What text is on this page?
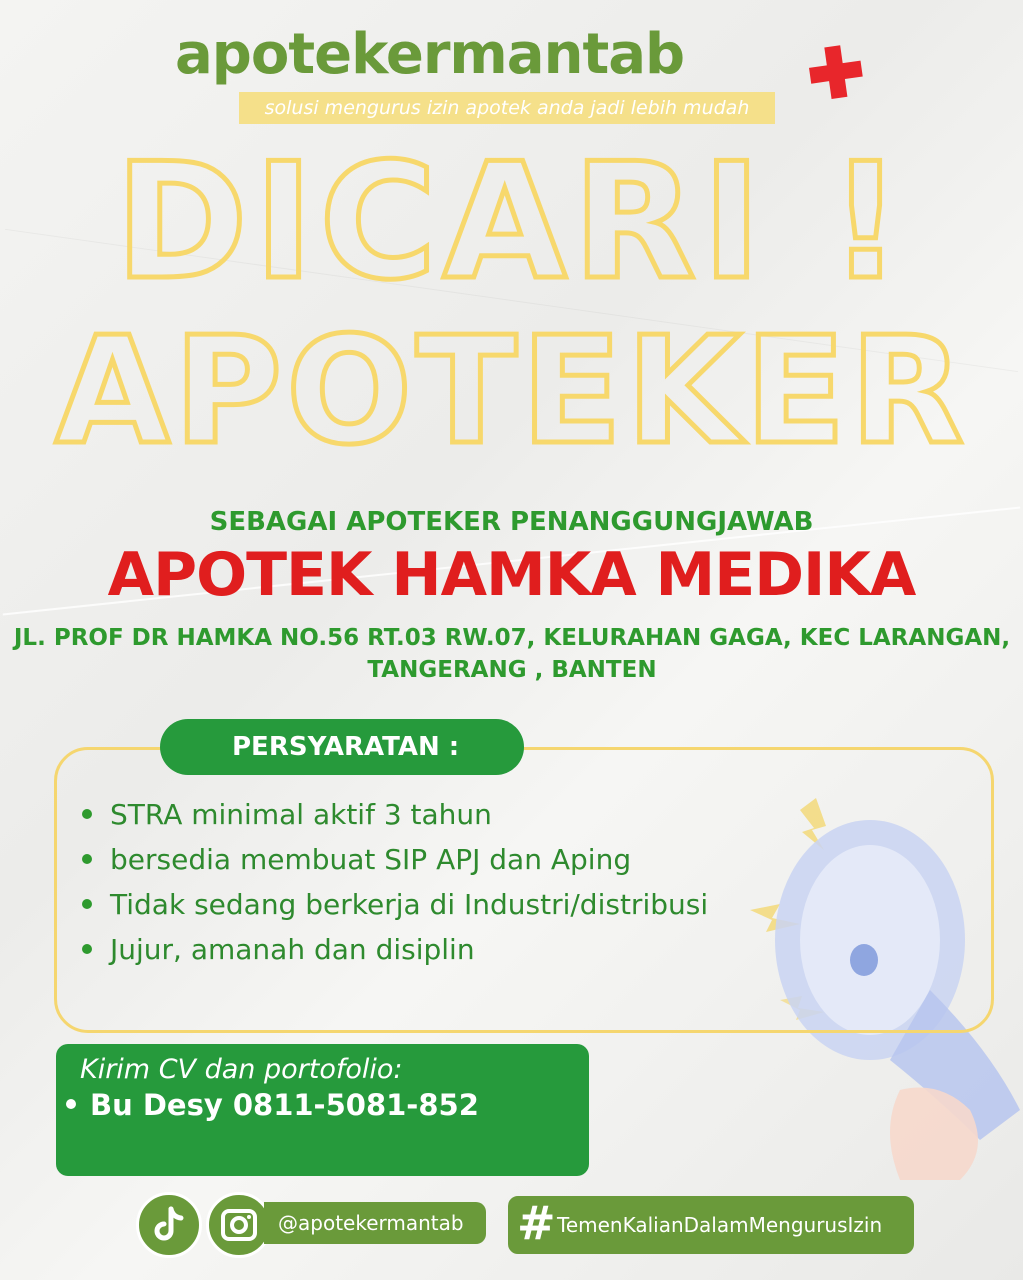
apotekermantab
solusi mengurus izin apotek anda jadi lebih mudah
DICARI !
APOTEKER
SEBAGAI APOTEKER PENANGGUNGJAWAB
APOTEK HAMKA MEDIKA
JL. PROF DR HAMKA NO.56 RT.03 RW.07, KELURAHAN GAGA, KEC LARANGAN,
TANGERANG , BANTEN
PERSYARATAN :
STRA minimal aktif 3 tahun
bersedia membuat SIP APJ dan Aping
Tidak sedang berkerja di Industri/distribusi
Jujur, amanah dan disiplin
Kirim CV dan portofolio:
Bu Desy 0811-5081-852
@apotekermantab	# TemenKalianDalamMengurusIzin
